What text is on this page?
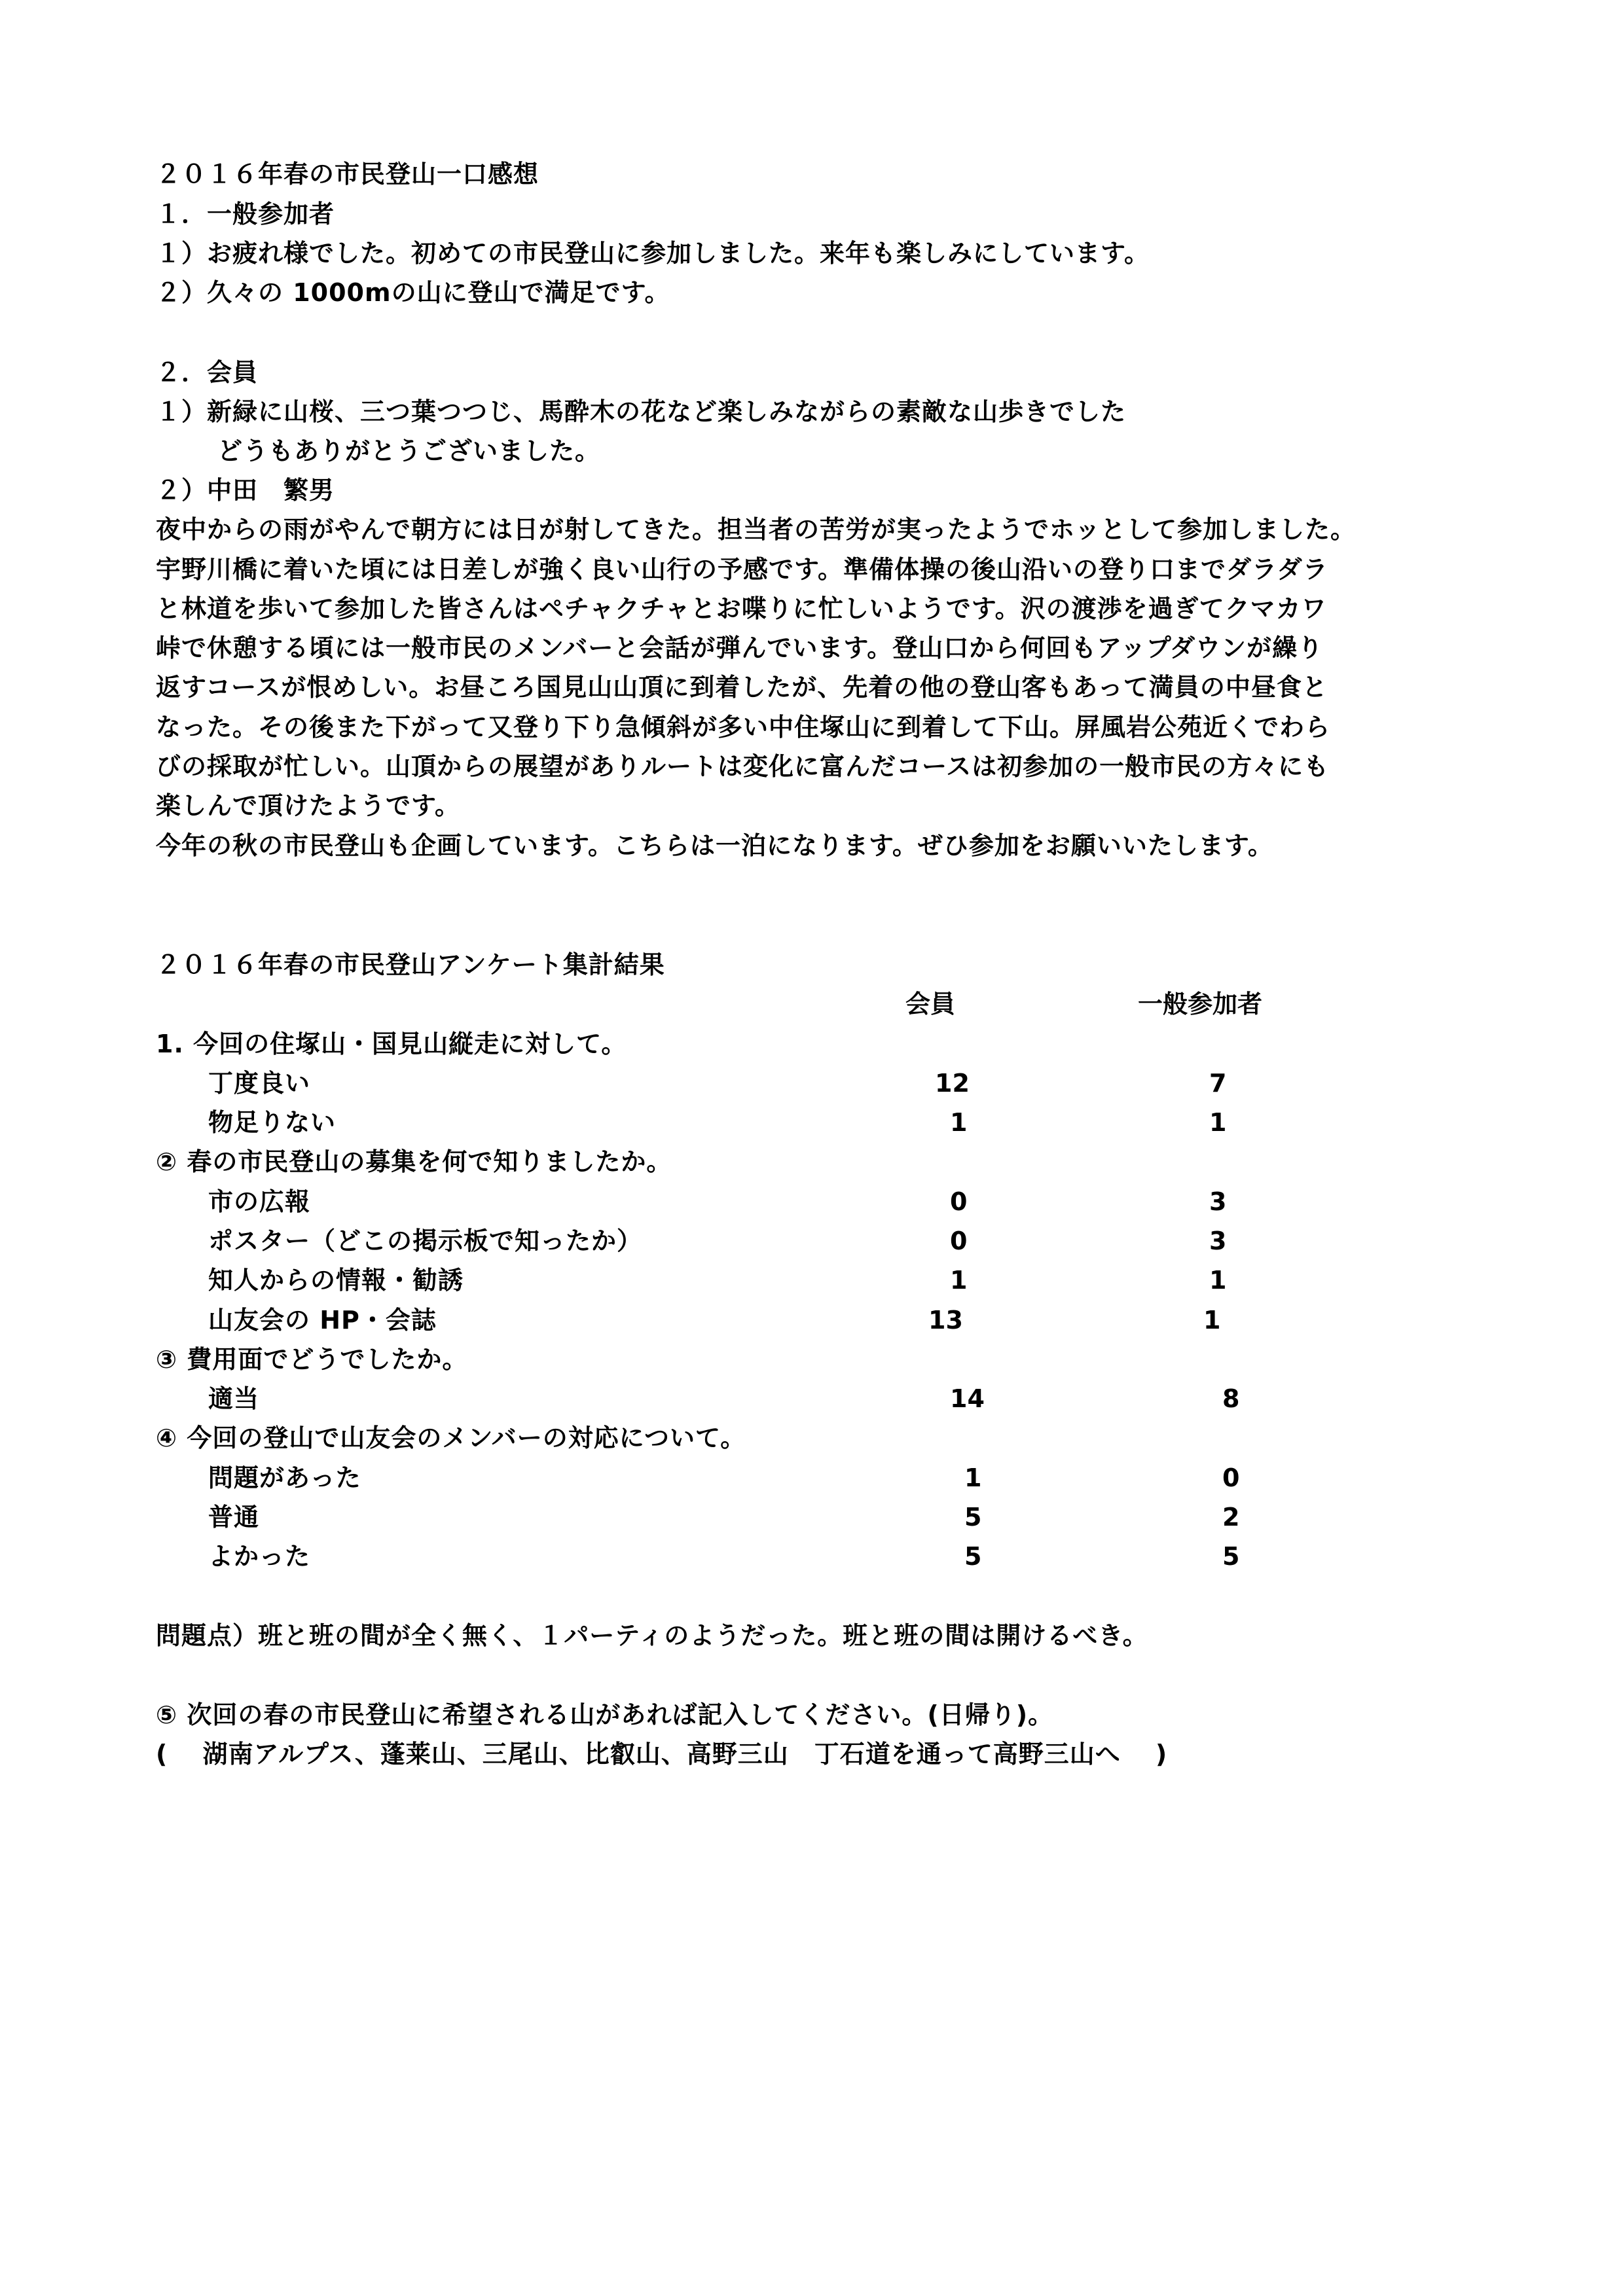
２０１６年春の市民登山一口感想
１．一般参加者
１）お疲れ様でした。初めての市民登山に参加しました。来年も楽しみにしています。
２）久々の 1000mの山に登山で満足です。
２．会員
１）新緑に山桜、三つ葉つつじ、馬酔木の花など楽しみながらの素敵な山歩きでした
どうもありがとうございました。
２）中田　繁男
夜中からの雨がやんで朝方には日が射してきた。担当者の苦労が実ったようでホッとして参加しました。
宇野川橋に着いた頃には日差しが強く良い山行の予感です。準備体操の後山沿いの登り口までダラダラ
と林道を歩いて参加した皆さんはペチャクチャとお喋りに忙しいようです。沢の渡渉を過ぎてクマカワ
峠で休憩する頃には一般市民のメンバーと会話が弾んでいます。登山口から何回もアップダウンが繰り
返すコースが恨めしい。お昼ころ国見山山頂に到着したが、先着の他の登山客もあって満員の中昼食と
なった。その後また下がって又登り下り急傾斜が多い中住塚山に到着して下山。屏風岩公苑近くでわら
びの採取が忙しい。山頂からの展望がありルートは変化に富んだコースは初参加の一般市民の方々にも
楽しんで頂けたようです。
今年の秋の市民登山も企画しています。こちらは一泊になります。ぜひ参加をお願いいたします。
２０１６年春の市民登山アンケート集計結果
会員	一般参加者
1. 今回の住塚山・国見山縦走に対して。
丁度良い	12	7
物足りない	1	1
② 春の市民登山の募集を何で知りましたか。
市の広報	0	3
ポスター（どこの掲示板で知ったか）	0	3
知人からの情報・勧誘	1	1
山友会の HP・会誌	13	1
③ 費用面でどうでしたか。
適当	14	8
④ 今回の登山で山友会のメンバーの対応について。
問題があった	1	0
普通	5	2
よかった	5	5
問題点）班と班の間が全く無く、１パーティのようだった。班と班の間は開けるべき。
⑤ 次回の春の市民登山に希望される山があれば記入してください。(日帰り)。
(　 湖南アルプス、蓬莱山、三尾山、比叡山、高野三山　丁石道を通って高野三山へ　 )
